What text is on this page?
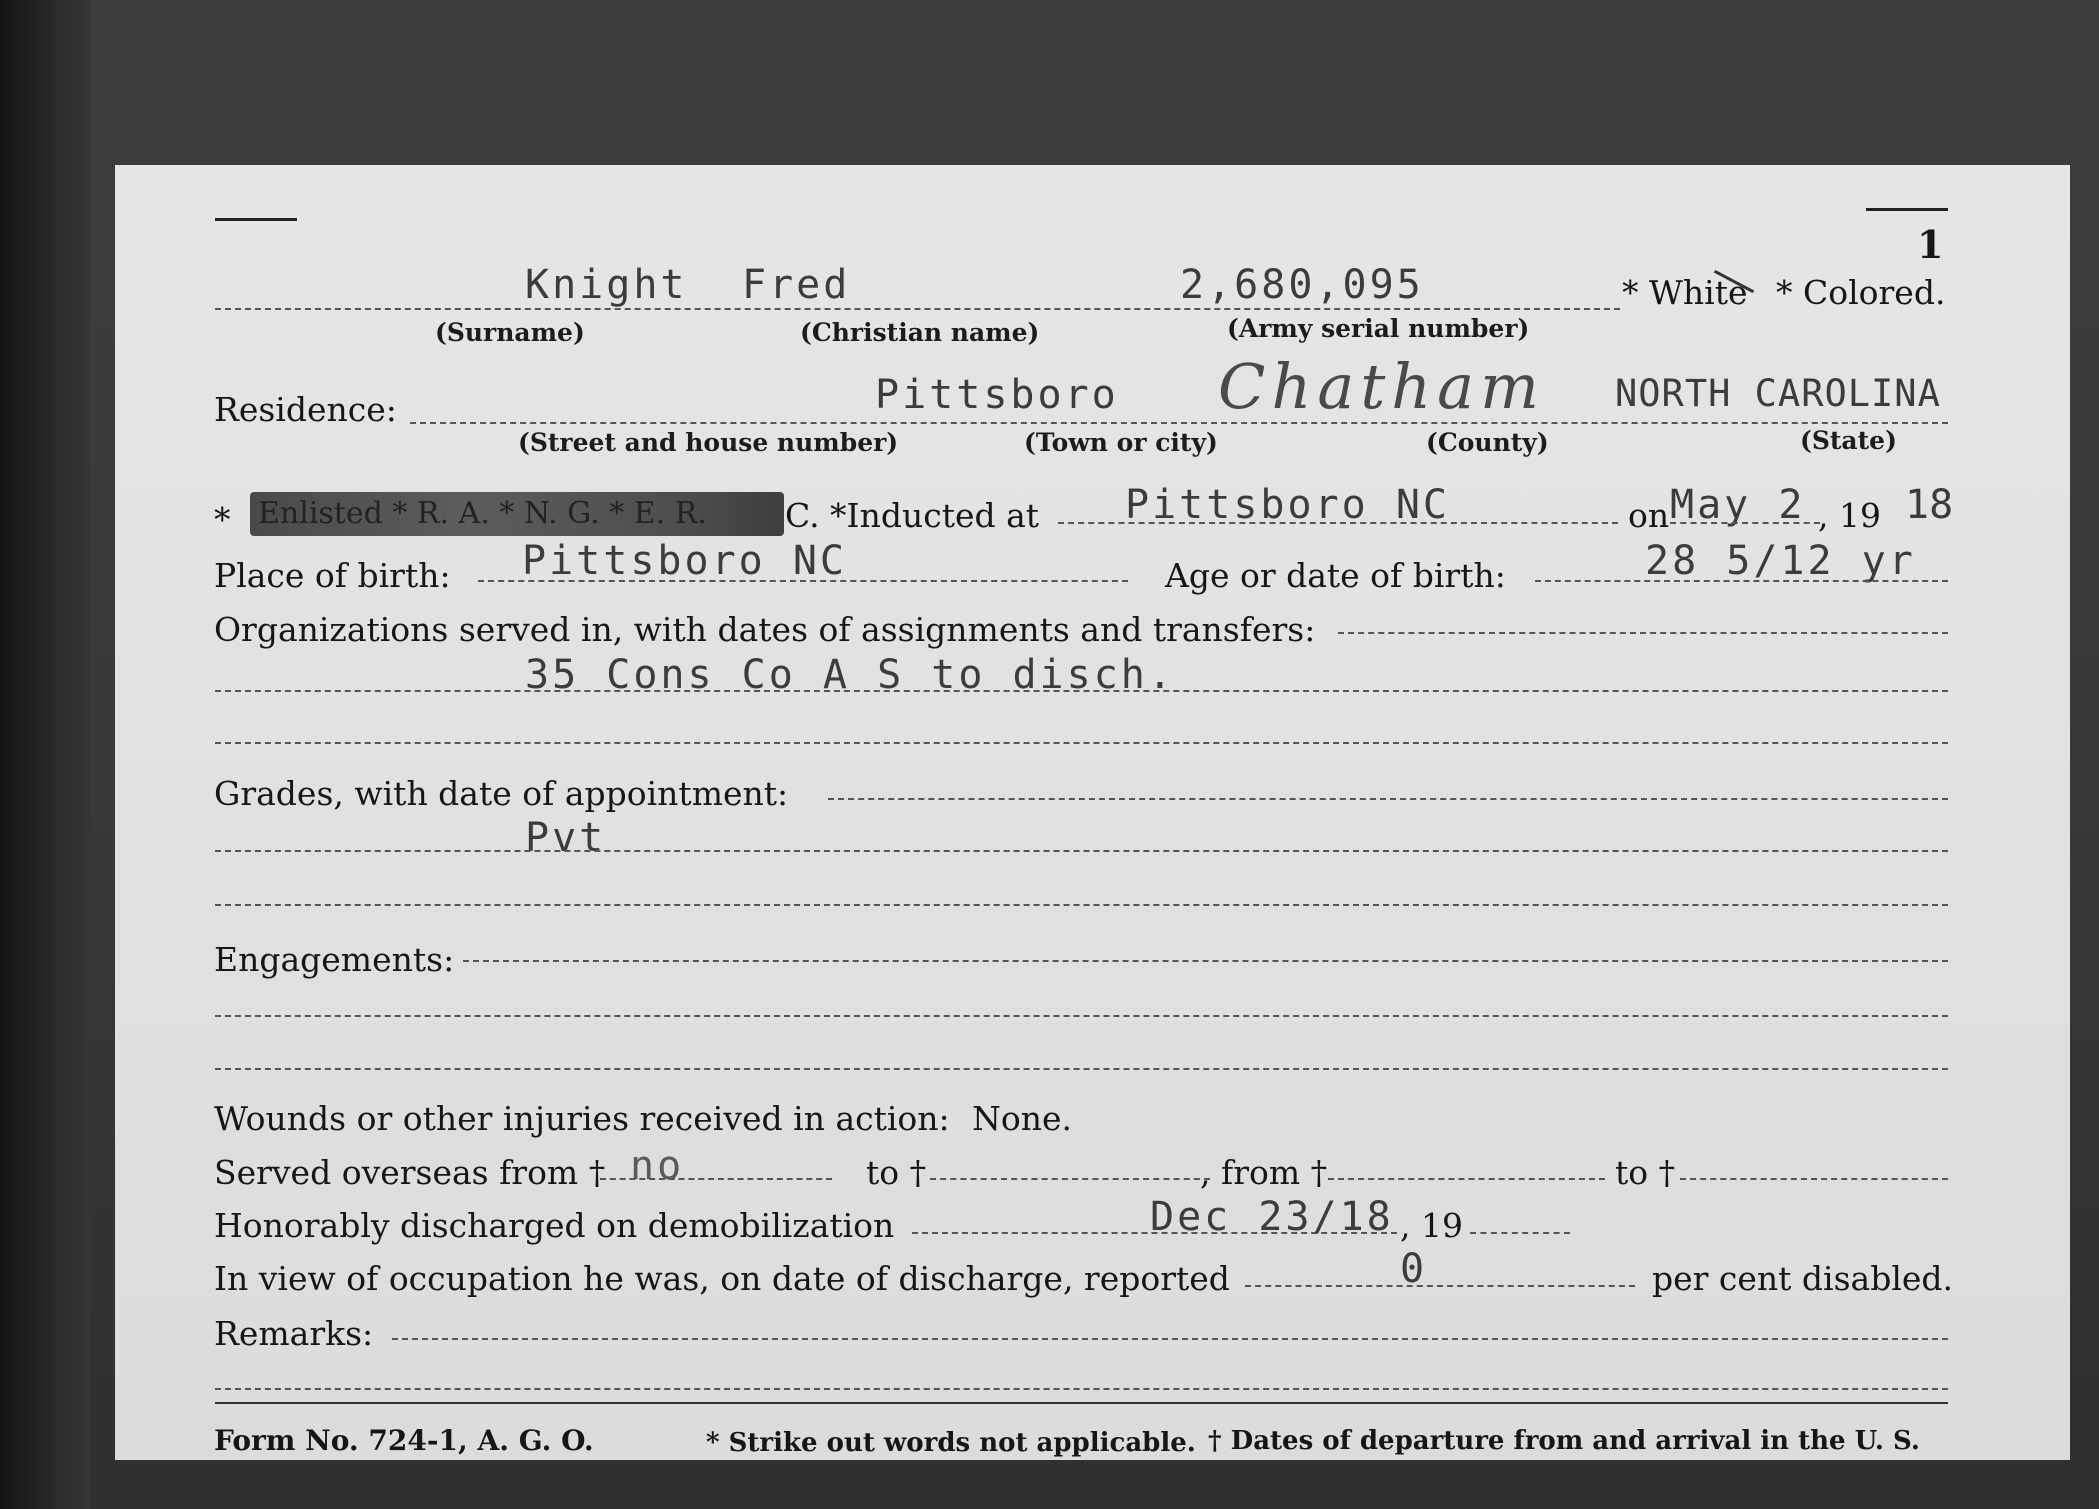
1
Knight Fred	2,680,095	* White * Colored.
(Surname)	(Christian name)	(Army serial number)
Residence:	Pittsboro Chatham NORTH CAROLINA
(Street and house number)	(Town or city)	(County)	(State)
* Enlisted * R. A. * N. G. * E. R. C. *Inducted at Pittsboro NC	on May 2 , 19 18
Place of birth: Pittsboro NC	Age or date of birth:	28 5/12 yr
Organizations served in, with dates of assignments and transfers:
35 Cons Co A S to disch.
Grades, with date of appointment:
Pvt
Engagements:
Wounds or other injuries received in action: None.
Served overseas from † no	to †	, from †	to †
Honorably discharged on demobilization	Dec 23/18 , 19
In view of occupation he was, on date of discharge, reported	0	per cent disabled.
Remarks:
Form No. 724-1, A. G. O.	* Strike out words not applicable. † Dates of departure from and arrival in the U. S.
